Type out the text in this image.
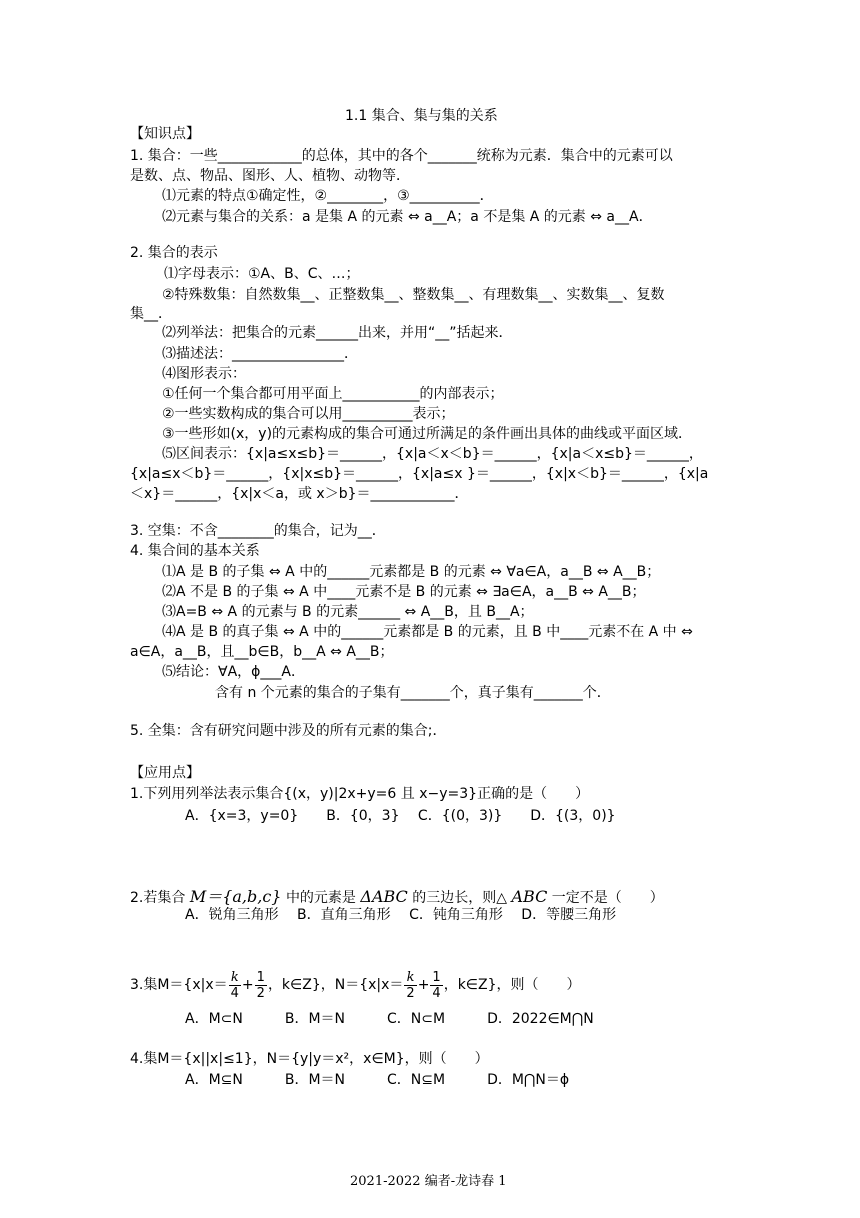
1.1 集合、集与集的关系
【知识点】
1. 集合：一些____________的总体，其中的各个_______统称为元素．集合中的元素可以
是数、点、物品、图形、人、植物、动物等．
⑴元素的特点①确定性，②________，③__________．
⑵元素与集合的关系：a 是集 A 的元素 ⇔ a__A；a 不是集 A 的元素 ⇔ a__A．
2. 集合的表示
⑴字母表示：①A、B、C、…；
②特殊数集：自然数集__、正整数集__、整数集__、有理数集__、实数集__、复数
集__．
⑵列举法：把集合的元素______出来，并用“__”括起来．
⑶描述法：________________．
⑷图形表示：
①任何一个集合都可用平面上___________的内部表示；
②一些实数构成的集合可以用__________表示；
③一些形如(x，y)的元素构成的集合可通过所满足的条件画出具体的曲线或平面区域．
⑸区间表示：{x|a≤x≤b}＝______，{x|a＜x＜b}＝______，{x|a＜x≤b}＝______，
{x|a≤x＜b}＝______，{x|x≤b}＝______，{x|a≤x }＝______，{x|x＜b}＝______，{x|a
＜x}＝______，{x|x＜a，或 x＞b}＝____________．
3. 空集：不含________的集合，记为__．
4. 集合间的基本关系
⑴A 是 B 的子集 ⇔ A 中的______元素都是 B 的元素 ⇔ ∀a∈A，a__B ⇔ A__B；
⑵A 不是 B 的子集 ⇔ A 中____元素不是 B 的元素 ⇔ ∃a∈A，a__B ⇔ A__B；
⑶A=B ⇔ A 的元素与 B 的元素______ ⇔ A__B，且 B__A；
⑷A 是 B 的真子集 ⇔ A 中的______元素都是 B 的元素，且 B 中____元素不在 A 中 ⇔
a∈A，a__B，且__b∈B，b__A ⇔ A__B；
⑸结论：∀A，ϕ___A．
含有 n 个元素的集合的子集有_______个，真子集有_______个．
5. 全集：含有研究问题中涉及的所有元素的集合;．
【应用点】
1.下列用列举法表示集合{(x，y)|2x+y=6 且 x−y=3}正确的是（　　）
A．{x=3，y=0}　　B．{0，3}　 C．{(0，3)}　　D．{(3，0)}
2.若集合 M＝{a,b,c} 中的元素是 ΔABC 的三边长，则△ ABC 一定不是（　　）
A．锐角三角形　 B．直角三角形　 C．钝角三角形　 D．等腰三角形
3.集$M=\{x|x= \frac{k}{4} + \frac{1}{2}$ ，k∈Z}，$N=\{x|x= \frac{k}{2} + \frac{1}{4}$ ，k∈Z}，则（　　）
A．M⊂N　　　B．M＝N　　　C．N⊂M　　　D．2022∈M⋂N
4.集M＝{x||x|≤1}，N＝{y|y＝x²，x∈M}，则（　　）
A．M⊆N　　　B．M＝N　　　C．N⊆M　　　D．M⋂N＝ϕ
2021-2022 编者-龙诗春 1
